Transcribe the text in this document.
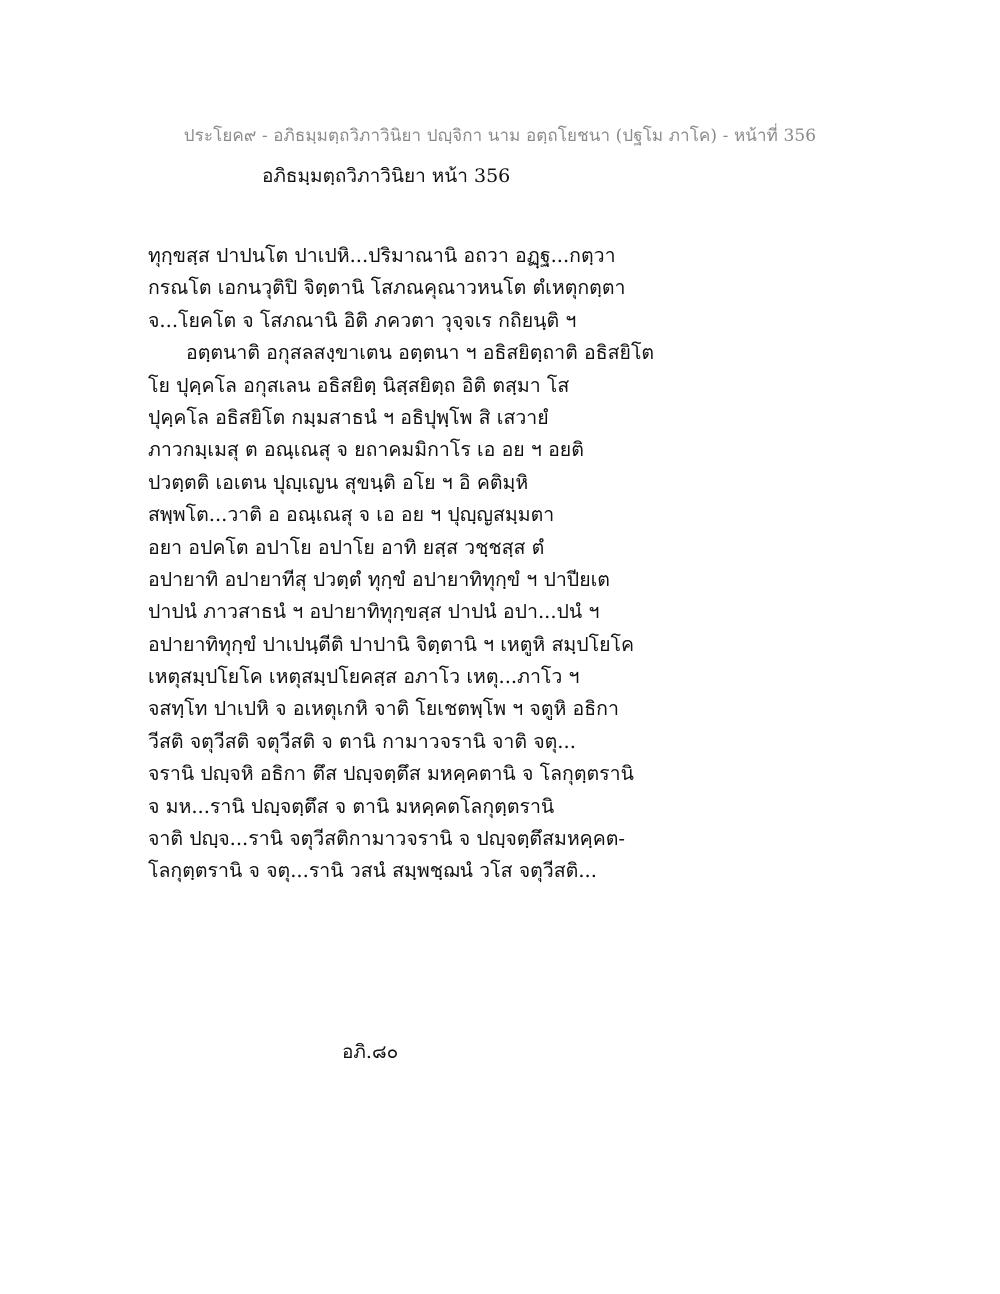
ประโยค๙ - อภิธมฺมตฺถวิภาวินิยา ปญฺจิกา นาม อตฺถโยชนา (ปฐโม ภาโค) - หน้าที่ 356
อภิธมฺมตฺถวิภาวินิยา หน้า 356
ทุกฺขสฺส ปาปนโต ปาเปหิ...ปริมาณานิ อถวา อฏฺฐ...กตฺวา
กรณโต เอกนวุติปิ จิตฺตานิ โสภณคุณาวหนโต ตํเหตุกตฺตา
จ...โยคโต จ โสภณานิ อิติ ภควตา วุจฺจเร กถิยนฺติ ฯ
อตฺตนาติ อกุสลสงฺขาเตน อตฺตนา ฯ อธิสยิตฺถาติ อธิสยิโต
โย ปุคฺคโล อกุสเลน อธิสยิตฺ นิสฺสยิตฺถ อิติ ตสฺมา โส
ปุคฺคโล อธิสยิโต กมฺมสาธนํ ฯ อธิปุพฺโพ สิ เสวายํ
ภาวกมฺเมสุ ต อณฺเณสุ จ ยถาคมมิกาโร เอ อย ฯ อยติ
ปวตฺตติ เอเตน ปุญฺเญน สุขนฺติ อโย ฯ อิ คติมฺหิ
สพฺพโต...วาติ อ อณฺเณสุ จ เอ อย ฯ ปุญฺญสมฺมตา
อยา อปคโต อปาโย อปาโย อาทิ ยสฺส วชฺชสฺส ตํ
อปายาทิ อปายาทีสุ ปวตฺตํ ทุกฺขํ อปายาทิทุกฺขํ ฯ ปาปียเต
ปาปนํ ภาวสาธนํ ฯ อปายาทิทุกฺขสฺส ปาปนํ อปา...ปนํ ฯ
อปายาทิทุกฺขํ ปาเปนฺตีติ ปาปานิ จิตฺตานิ ฯ เหตูหิ สมฺปโยโค
เหตุสมฺปโยโค เหตุสมฺปโยคสฺส อภาโว เหตุ...ภาโว ฯ
จสทฺโท ปาเปหิ จ อเหตุเกหิ จาติ โยเชตพฺโพ ฯ จตูหิ อธิกา
วีสติ จตุวีสติ จตุวีสติ จ ตานิ กามาวจรานิ จาติ จตุ...
จรานิ ปญฺจหิ อธิกา ตึส ปญฺจตฺตึส มหคฺคตานิ จ โลกุตฺตรานิ
จ มห...รานิ ปญฺจตฺตึส จ ตานิ มหคฺคตโลกุตฺตรานิ
จาติ ปญฺจ...รานิ จตุวีสติกามาวจรานิ จ ปญฺจตฺตึสมหคฺคต-
โลกุตฺตรานิ จ จตุ...รานิ วสนํ สมฺพชฺฌนํ วโส จตุวีสติ...
อภิ.๘๐
